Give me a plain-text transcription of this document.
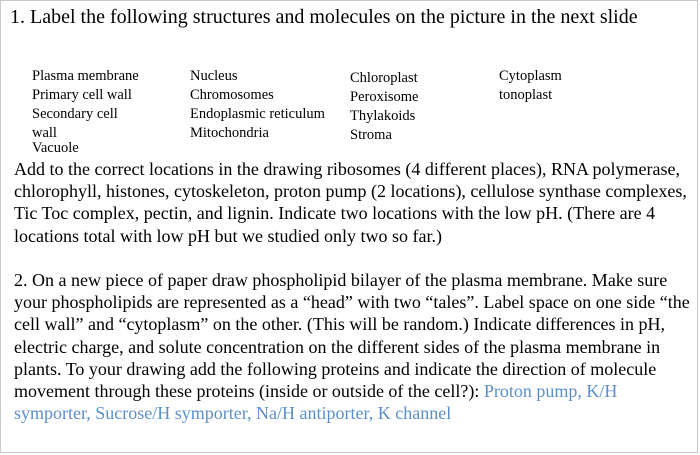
1. Label the following structures and molecules on the picture in the next slide
Plasma membrane
Primary cell wall
Secondary cell
wall
Nucleus
Chromosomes
Endoplasmic reticulum
Mitochondria
Chloroplast
Peroxisome
Thylakoids
Stroma
Cytoplasm
tonoplast
Vacuole
Add to the correct locations in the drawing ribosomes (4 different places), RNA polymerase, chlorophyll, histones, cytoskeleton, proton pump (2 locations), cellulose synthase complexes, Tic Toc complex, pectin, and lignin. Indicate two locations with the low pH. (There are 4 locations total with low pH but we studied only two so far.)
2. On a new piece of paper draw phospholipid bilayer of the plasma membrane. Make sure your phospholipids are represented as a “head” with two “tales”. Label space on one side “the cell wall” and “cytoplasm” on the other. (This will be random.) Indicate differences in pH, electric charge, and solute concentration on the different sides of the plasma membrane in plants. To your drawing add the following proteins and indicate the direction of molecule movement through these proteins (inside or outside of the cell?): Proton pump, K/H symporter, Sucrose/H symporter, Na/H antiporter, K channel
